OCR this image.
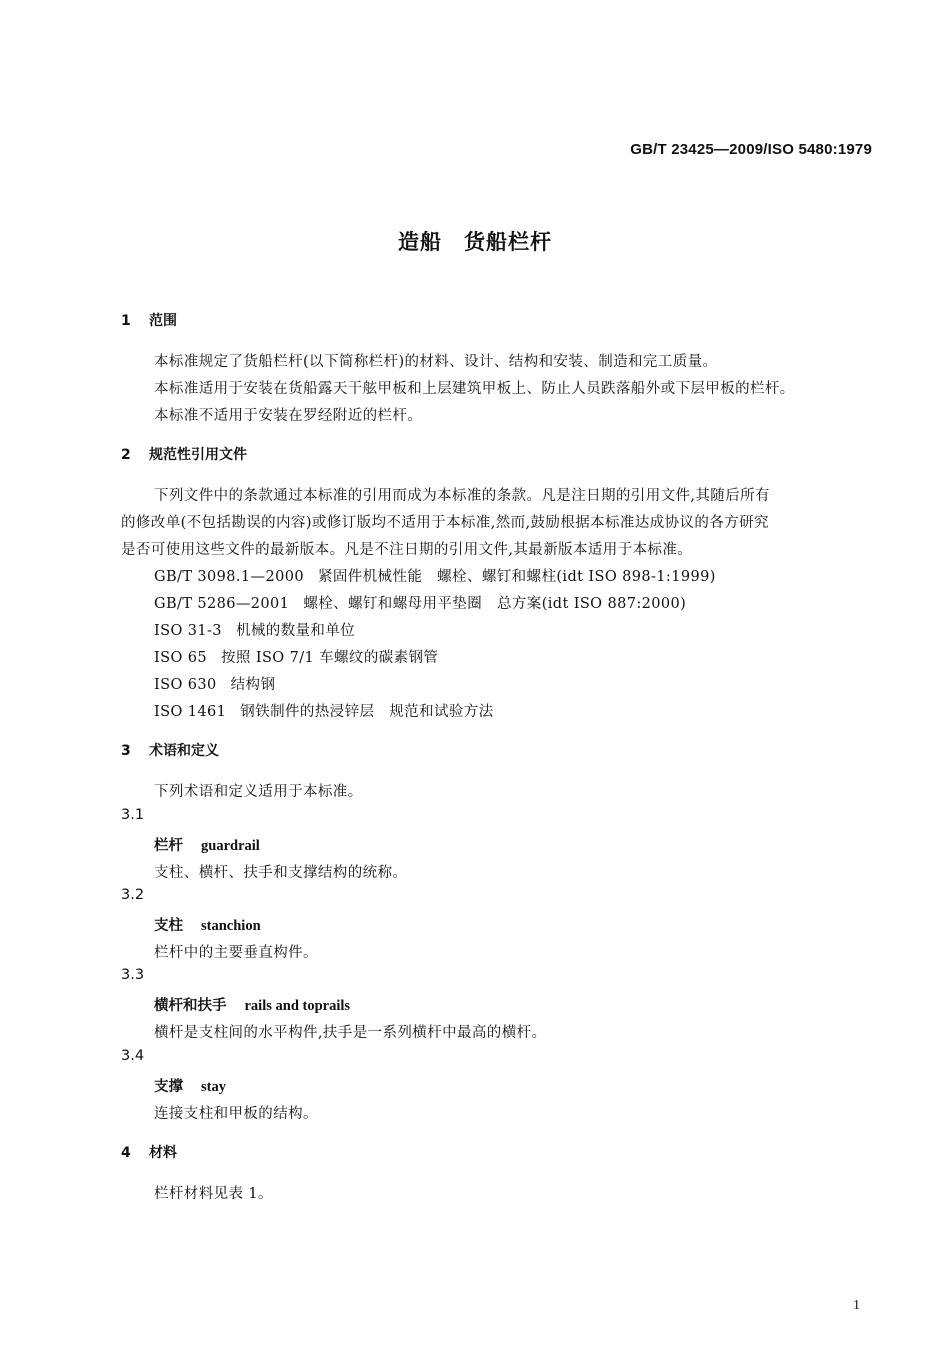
GB/T 23425—2009/ISO 5480:1979
造船　货船栏杆
1 范围
本标准规定了货船栏杆(以下简称栏杆)的材料、设计、结构和安装、制造和完工质量。
本标准适用于安装在货船露天干舷甲板和上层建筑甲板上、防止人员跌落船外或下层甲板的栏杆。
本标准不适用于安装在罗经附近的栏杆。
2 规范性引用文件
下列文件中的条款通过本标准的引用而成为本标准的条款。凡是注日期的引用文件,其随后所有
的修改单(不包括勘误的内容)或修订版均不适用于本标准,然而,鼓励根据本标准达成协议的各方研究
是否可使用这些文件的最新版本。凡是不注日期的引用文件,其最新版本适用于本标准。
GB/T 3098.1—2000 紧固件机械性能　螺栓、螺钉和螺柱(idt ISO 898-1:1999)
GB/T 5286—2001 螺栓、螺钉和螺母用平垫圈　总方案(idt ISO 887:2000)
ISO 31-3 机械的数量和单位
ISO 65 按照 ISO 7/1 车螺纹的碳素钢管
ISO 630 结构钢
ISO 1461 钢铁制件的热浸锌层　规范和试验方法
3 术语和定义
下列术语和定义适用于本标准。
3.1
栏杆 guardrail
支柱、横杆、扶手和支撑结构的统称。
3.2
支柱 stanchion
栏杆中的主要垂直构件。
3.3
横杆和扶手 rails and toprails
横杆是支柱间的水平构件,扶手是一系列横杆中最高的横杆。
3.4
支撑 stay
连接支柱和甲板的结构。
4 材料
栏杆材料见表 1。
1
